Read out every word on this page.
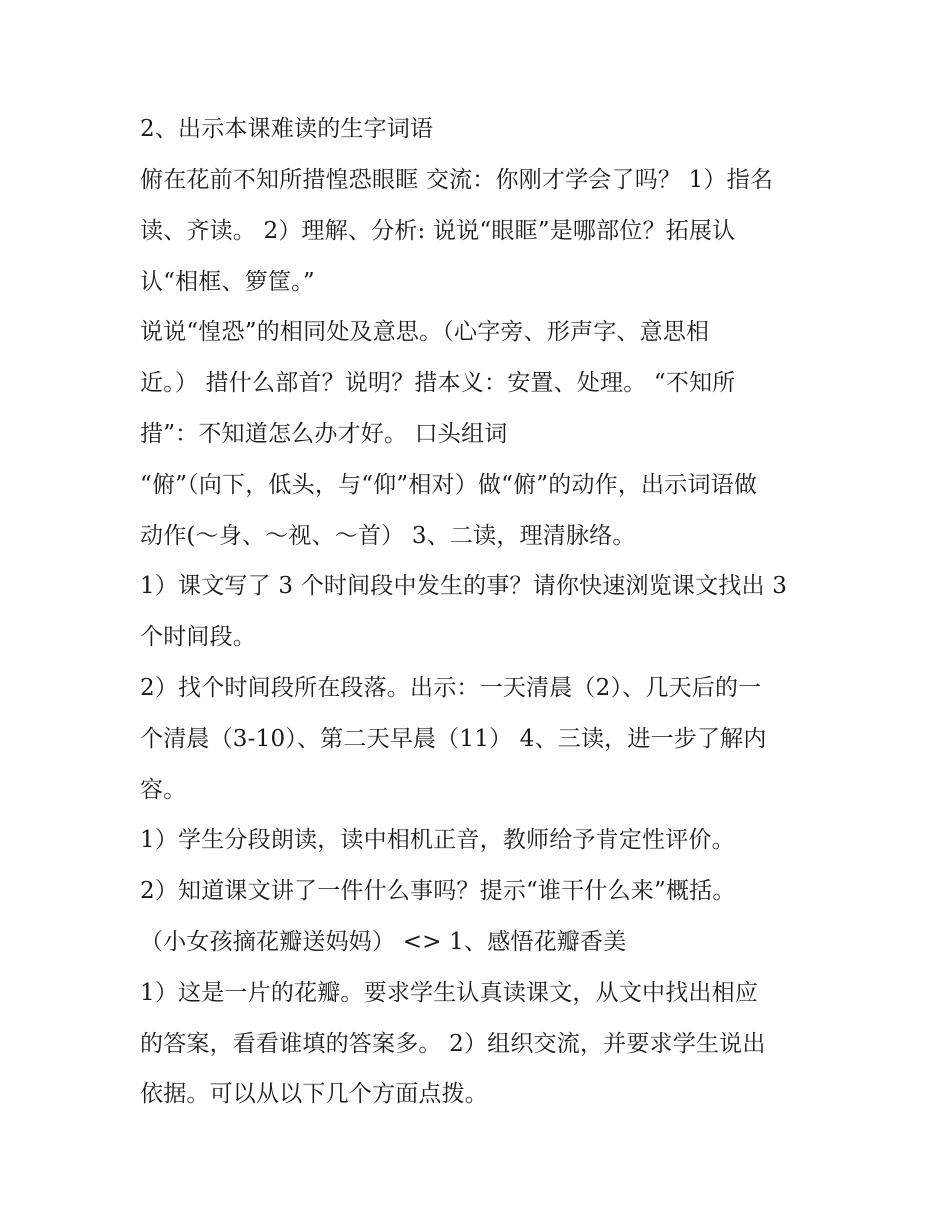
2、出示本课难读的生字词语
俯在花前不知所措惶恐眼眶 交流：你刚才学会了吗？ 1）指名
读、齐读。 2）理解、分析: 说说“眼眶”是哪部位？拓展认
认“相框、箩筐。”
说说“惶恐”的相同处及意思。（心字旁、形声字、意思相
近。） 措什么部首？说明？措本义：安置、处理。 “不知所
措”：不知道怎么办才好。 口头组词
“俯”（向下，低头，与“仰”相对）做“俯”的动作，出示词语做
动作(～身、～视、～首） 3、二读，理清脉络。
1）课文写了 3 个时间段中发生的事？请你快速浏览课文找出 3
个时间段。
2）找个时间段所在段落。出示：一天清晨（2）、几天后的一
个清晨（3-10）、第二天早晨（11） 4、三读，进一步了解内
容。
1）学生分段朗读，读中相机正音，教师给予肯定性评价。
2）知道课文讲了一件什么事吗？提示“谁干什么来”概括。
（小女孩摘花瓣送妈妈） <> 1、感悟花瓣香美
1）这是一片的花瓣。要求学生认真读课文，从文中找出相应
的答案，看看谁填的答案多。 2）组织交流，并要求学生说出
依据。可以从以下几个方面点拨。
